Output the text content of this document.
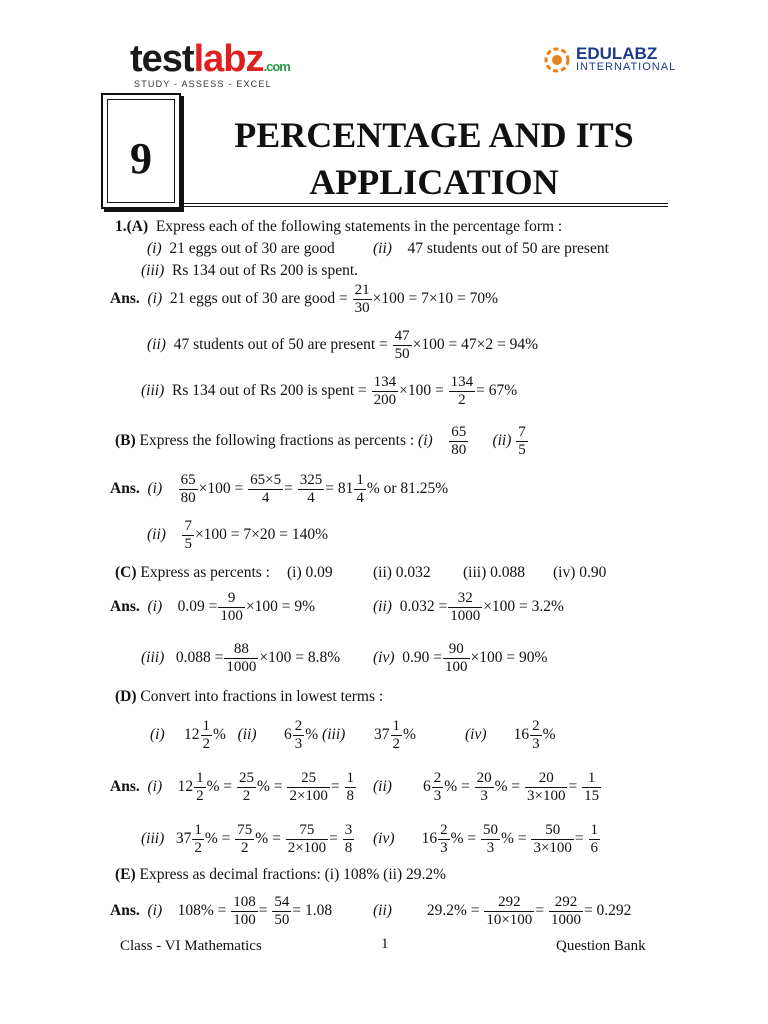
testlabz.com
STUDY - ASSESS - EXCEL
EDULABZ
INTERNATIONAL
9	PERCENTAGE AND ITS
APPLICATION
1.(A) Express each of the following statements in the percentage form :
(i) 21 eggs out of 30 are good (ii) 47 students out of 50 are present
(iii) Rs 134 out of Rs 200 is spent.
Ans. (i) 21 eggs out of 30 are good = $\frac{21}{30} \times 100 = 7\times 10 = 70\%$
(ii) 47 students out of 50 are present = $\frac{47}{50} \times 100 = 47\times 2 = 94\%$
(iii) Rs 134 out of Rs 200 is spent = $\frac{134}{200} \times 100 = \frac{134}{2} = 67\%$
(B) Express the following fractions as percents : $(i) \frac{65}{80} (ii) \frac{7}{5}$
Ans. $(i) \frac{65}{80} \times 100 = \frac{65\times 5}{4} = \frac{325}{4} = 81 \frac{1}{4}$ % or 81.25%
$(ii) \frac{7}{5} \times 100 = 7\times 20 = 140\%$
(C) Express as percents : (i) 0.09	(ii) 0.032 (iii) 0.088 (iv) 0.90
Ans. (i) $0.09 = \frac{9}{100} \times 100 = 9\%$	(ii) $0.032 = \frac{32}{1000} \times 100 = 3.2\%$
(iii) $0.088 = \frac{88}{1000} \times 100 = 8.8\%$ (iv) $0.90 = \frac{90}{100} \times 100 = 90\%$
(D) Convert into fractions in lowest terms :
(i) $12 \frac{1}{2}$ % (ii) $6 \frac{2}{3}$ % (iii) $37 \frac{1}{2}$ %	(iv) $16 \frac{2}{3}$ %
Ans. (i) $12 \frac{1}{2}$ % = $\frac{25}{2}$ % = $\frac{25}{2\times 100} = \frac{1}{8} (ii)$ $6 \frac{2}{3}$ % = $\frac{20}{3}$ % = $\frac{20}{3\times 100} = \frac{1}{15}$
(iii) $37 \frac{1}{2}$ % = $\frac{75}{2}$ % = $\frac{75}{2\times 100} = \frac{3}{8} (iv)$ $16 \frac{2}{3}$ % = $\frac{50}{3}$ % = $\frac{50}{3\times 100} = \frac{1}{6}$
(E) Express as decimal fractions: (i) 108% (ii) 29.2%
Ans. (i) $108\% = \frac{108}{100} = \frac{54}{50} = 1.08$	(ii) $29.2\% = \frac{292}{10\times 100} = \frac{292}{1000} = 0.292$
Class - VI Mathematics	1	Question Bank
